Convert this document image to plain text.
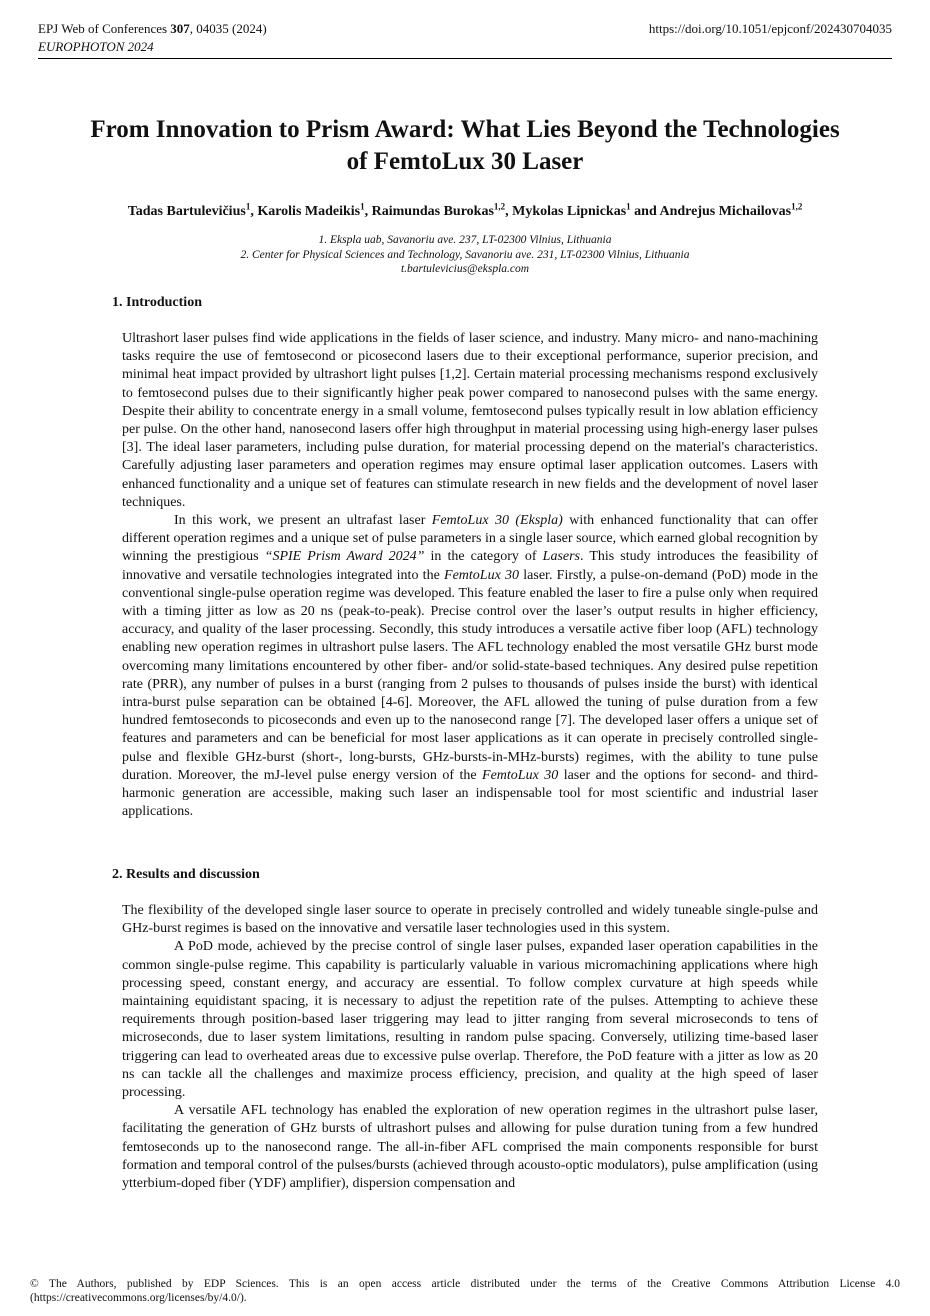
EPJ Web of Conferences 307, 04035 (2024)
EUROPHOTON 2024
https://doi.org/10.1051/epjconf/202430704035
From Innovation to Prism Award: What Lies Beyond the Technologies of FemtoLux 30 Laser
Tadas Bartulevičius$^1$, Karolis Madeikis$^1$, Raimundas Burokas$^{1,2}$, Mykolas Lipnickas$^1$ and Andrejus Michailovas$^{1,2}$
1. Ekspla uab, Savanoriu ave. 237, LT-02300 Vilnius, Lithuania
2. Center for Physical Sciences and Technology, Savanoriu ave. 231, LT-02300 Vilnius, Lithuania
t.bartulevicius@ekspla.com
1. Introduction

Ultrashort laser pulses find wide applications in the fields of laser science, and industry. Many micro- and nano-machining tasks require the use of femtosecond or picosecond lasers due to their exceptional performance, superior precision, and minimal heat impact provided by ultrashort light pulses [1,2]. Certain material processing mechanisms respond exclusively to femtosecond pulses due to their significantly higher peak power compared to nanosecond pulses with the same energy. Despite their ability to concentrate energy in a small volume, femtosecond pulses typically result in low ablation efficiency per pulse. On the other hand, nanosecond lasers offer high throughput in material processing using high-energy laser pulses [3]. The ideal laser parameters, including pulse duration, for material processing depend on the material's characteristics. Carefully adjusting laser parameters and operation regimes may ensure optimal laser application outcomes. Lasers with enhanced functionality and a unique set of features can stimulate research in new fields and the development of novel laser techniques.

In this work, we present an ultrafast laser FemtoLux 30 (Ekspla) with enhanced functionality that can offer different operation regimes and a unique set of pulse parameters in a single laser source, which earned global recognition by winning the prestigious “SPIE Prism Award 2024” in the category of Lasers. This study introduces the feasibility of innovative and versatile technologies integrated into the FemtoLux 30 laser. Firstly, a pulse-on-demand (PoD) mode in the conventional single-pulse operation regime was developed. This feature enabled the laser to fire a pulse only when required with a timing jitter as low as 20 ns (peak-to-peak). Precise control over the laser’s output results in higher efficiency, accuracy, and quality of the laser processing. Secondly, this study introduces a versatile active fiber loop (AFL) technology enabling new operation regimes in ultrashort pulse lasers. The AFL technology enabled the most versatile GHz burst mode overcoming many limitations encountered by other fiber- and/or solid-state-based techniques. Any desired pulse repetition rate (PRR), any number of pulses in a burst (ranging from 2 pulses to thousands of pulses inside the burst) with identical intra-burst pulse separation can be obtained [4-6]. Moreover, the AFL allowed the tuning of pulse duration from a few hundred femtoseconds to picoseconds and even up to the nanosecond range [7]. The developed laser offers a unique set of features and parameters and can be beneficial for most laser applications as it can operate in precisely controlled single-pulse and flexible GHz-burst (short-, long-bursts, GHz-bursts-in-MHz-bursts) regimes, with the ability to tune pulse duration. Moreover, the mJ-level pulse energy version of the FemtoLux 30 laser and the options for second- and third- harmonic generation are accessible, making such laser an indispensable tool for most scientific and industrial laser applications.

2. Results and discussion

The flexibility of the developed single laser source to operate in precisely controlled and widely tuneable single-pulse and GHz-burst regimes is based on the innovative and versatile laser technologies used in this system.

A PoD mode, achieved by the precise control of single laser pulses, expanded laser operation capabilities in the common single-pulse regime. This capability is particularly valuable in various micromachining applications where high processing speed, constant energy, and accuracy are essential. To follow complex curvature at high speeds while maintaining equidistant spacing, it is necessary to adjust the repetition rate of the pulses. Attempting to achieve these requirements through position-based laser triggering may lead to jitter ranging from several microseconds to tens of microseconds, due to laser system limitations, resulting in random pulse spacing. Conversely, utilizing time-based laser triggering can lead to overheated areas due to excessive pulse overlap. Therefore, the PoD feature with a jitter as low as 20 ns can tackle all the challenges and maximize process efficiency, precision, and quality at the high speed of laser processing.

A versatile AFL technology has enabled the exploration of new operation regimes in the ultrashort pulse laser, facilitating the generation of GHz bursts of ultrashort pulses and allowing for pulse duration tuning from a few hundred femtoseconds up to the nanosecond range. The all-in-fiber AFL comprised the main components responsible for burst formation and temporal control of the pulses/bursts (achieved through acousto-optic modulators), pulse amplification (using ytterbium-doped fiber (YDF) amplifier), dispersion compensation and

© The Authors, published by EDP Sciences. This is an open access article distributed under the terms of the Creative Commons Attribution License 4.0 (https://creativecommons.org/licenses/by/4.0/).
